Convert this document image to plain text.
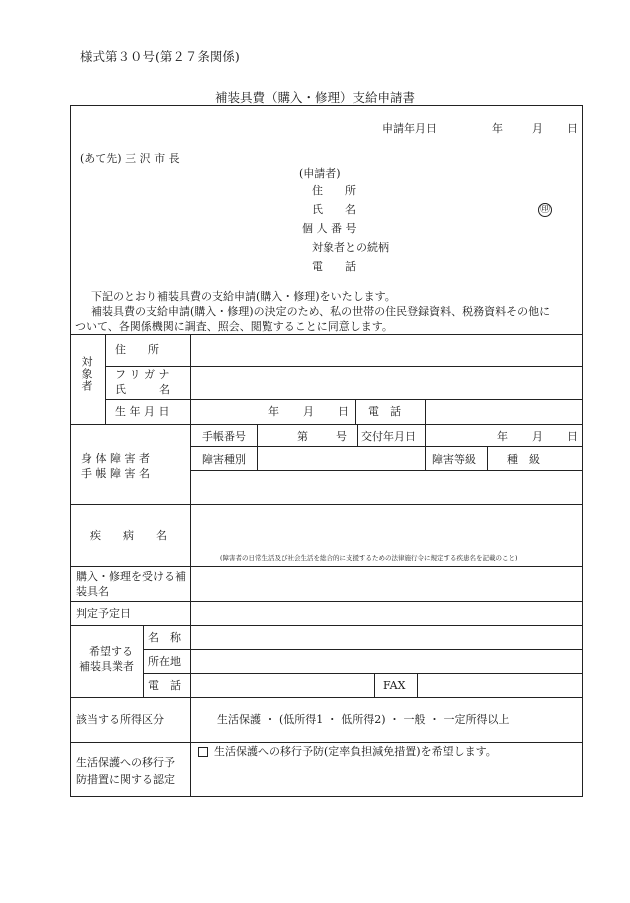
様式第３０号(第２７条関係)
補装具費（購入・修理）支給申請書
申請年月日	年	月 日
(あて先) 三 沢 市 長
(申請者)
住　　所
氏　　名	㊞
個 人 番 号
対象者との続柄
電　　話
下記のとおり補装具費の支給申請(購入・修理)をいたします。
補装具費の支給申請(購入・修理)の決定のため、私の世帯の住民登録資料、税務資料その他に
ついて、各関係機関に調査、照会、閲覧することに同意します。
対象者
住　　所
フ リ ガ ナ
氏　　　名
生 年 月 日	年 月 日 電　話
身 体 障 害 者
手 帳 障 害 名
手帳番号	第	号 交付年月日	年 月 日
障害種別	障害等級	種　級
疾　　病　　名
(障害者の日常生活及び社会生活を総合的に支援するための法律施行令に規定する疾患名を記載のこと)
購入・修理を受ける補
装具名
判定予定日
希望する
補装具業者
名　称
所在地
電　話	FAX
該当する所得区分	生活保護 ・ (低所得1 ・ 低所得2) ・ 一般 ・ 一定所得以上
生活保護への移行予
防措置に関する認定
生活保護への移行予防(定率負担減免措置)を希望します。
